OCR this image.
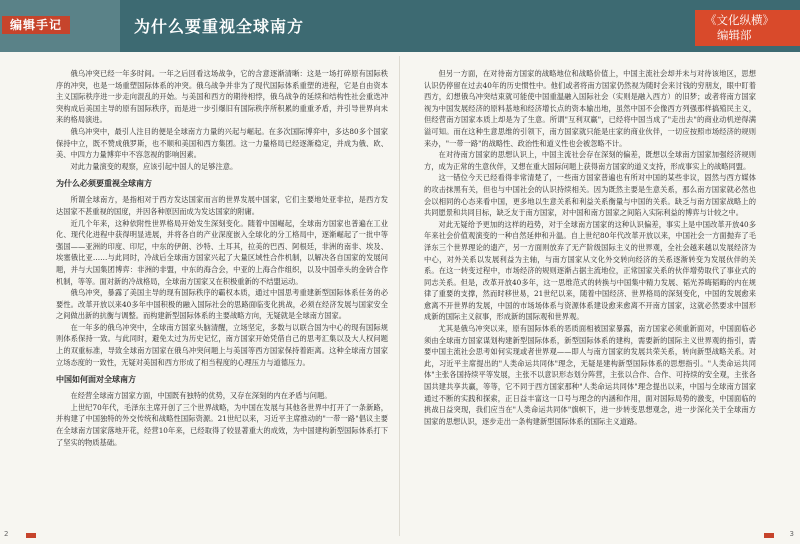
编辑手记	为什么要重视全球南方	《文化纵横》
编辑部

俄乌冲突已经一年多时间。一年之后回看这场战争，它的含意逐渐清晰：这是一场打碎原有国际秩序的冲突，也是一场重塑国际体系的冲突。俄乌战争并非为了现代国际体系重塑的进程，它是自由资本主义国际秩序进一步走向混乱的开始。与美国和西方的期待相悖，俄乌战争的延续和结构性社会重迭冲突构成后美国主导的原有国际秩序，而是进一步引爆旧有国际秩序所积累的重重矛盾，并引导世界向未来的格局演进。

俄乌冲突中，最引人注目的便是全球南方力量的兴起与崛起。在多次国际博弈中，多达80多个国家保持中立，既不赞成俄罗斯，也不顺和美国和西方集团。这一力量格局已经逐渐稳定，并成为俄、欧、美、中四方力量博弈中不容忽视的影响因素。

对此力量演变的观察，应该引起中国人的足够注意。

为什么必须要重视全球南方

所谓全球南方，是指相对于西方发达国家而言的世界发展中国家，它们主要地处亚非拉，是西方发达国家不甚重视的国度，并因各种原因而成为发达国家的附庸。

近几个年来，这种依附性世界格局开始发生深刻变化。随着中国崛起，全球南方国家也普遍在工业化、现代化进程中获得明显进展，并将各自的产业深度嵌入全球化的分工格局中，逐渐崛起了一批中等强国——亚洲的印度、印尼，中东的伊朗、沙特、土耳其，拉美的巴西、阿根廷，非洲的南非、埃及、埃塞俄比亚……与此同时，冷战后全球南方国家兴起了大量区域性合作机制，以解决各自国家的发展问题，并与大国集团博弈：非洲的非盟，中东的海合会，中亚的上海合作组织，以及中国牵头的金砖合作机制，等等。面对新的冷战格局，全球南方国家又在积极重新的不结盟运动。

俄乌冲突，暴露了美国主导的现有国际秩序的霸权本质，通过中国思考重建新型国际体系任务的必要性。改革开放以来40多年中国积极的融入国际社会的思路面临变化挑战，必须在经济发展与国家安全之间做出新的抗衡与调整。而构建新型国际体系的主要战略方向，无疑就是全球南方国家。

在一年多的俄乌冲突中，全球南方国家头脑清醒，立场坚定，多数与以联合国为中心的现有国际规则体系保持一致。与此同时，避免太过为历史记忆，南方国家开始凭借自己的思考汇集以及大人权问题上的双重标准，导致全球南方国家在俄乌冲突问题上与美国等西方国家保持着距离。这种全球南方国家立场态度的一致性，无疑对美国和西方形成了相当程度的心理压力与道德压力。

中国如何面对全球南方

在经营全球南方国家方面，中国既有独特的优势，又存在深刻的内在矛盾与问题。

上世纪70年代，毛泽东主席开创了三个世界战略，为中国在发展与其他各世界中打开了一条新路，并构建了中国独特的外交传统和战略性国际资源。21世纪以来，习近平主席推动的"一带一路"倡议主要在全球南方国家落地开花，经营10年来，已经取得了较显著重大的成效，为中国建构新型国际体系打下了坚实的物质基础。

但另一方面，在对待南方国家的战略地位和战略价值上，中国主流社会却并未与对待该地区，思想认识仍停留在过去40年的历史惯性中。他们或者将南方国家仍然视为随时会来讨钱的穷朋友，眼中盯着西方，幻想俄乌冲突结束就可能使中国重温融入国际社会（实则是融入西方）的旧梦；或者将南方国家视为中国发展经济的原料基地和经济增长点的资本输出地，虽然中国不会像西方列强那样搞殖民主义，但经营南方国家本质上却是为了生意。所谓"互利双赢"，已经将中国当成了"走出去"的商业动机逆得满溢可知。而在这种生意思维的引领下，南方国家就只能是庄家的商业伙伴，一切应按照市场经济的规则来办，"一带一路"的战略性、政治性和道义性也会被忽略不计。

在对待南方国家的思想认识上，中国主流社会存在深刻的偏差，既想以全球南方国家加强经济规则方，成为正常的生意伙伴，又想在重大国际问题上获得南方国家的道义支持，形成事实上的战略同盟。

这一错位今天已经看得非常清楚了，一些南方国家普遍也有所对中国的某些非议，固然与西方媒体的攻击抹黑有关，但也与中国社会的认识持续相关。因为既然主要是生意关系，那么南方国家就必然也会以相同的心态来看中国，更多地以生意关系和利益关系衡量与中国的关系。缺乏与南方国家战略上的共同愿景和共同目标，缺乏友于南方国家，对中国和南方国家之间陷入实际利益的博弈与计较之中。

对此无疑给予更加的这样的趋势，对于全球南方国家的这种认识偏差，事实上是中国改革开放40多年来社会价值观演变的一种自然延伸和升温。自上世纪80年代改革开放以来，中国社会一方面抛弃了毛泽东三个世界理论的遗产，另一方面则放弃了无产阶级国际主义的世界观，全社会越来越以发展经济为中心，对外关系以发展利益为主轴，与南方国家从文化外交转向经济的关系逐渐转变为发展伙伴的关系。在这一转变过程中，市场经济的规则逐渐占据主流地位，正常国家关系的伙伴增势取代了事业式的同志关系。但是，改革开放40多年，这一思维范式的转换与中国集中精力发展、韬光养晦韬晦的内在规律了重要的支撑，然而时移世易，21世纪以来，随着中国经济、世界格局的深刻变化，中国的发展愈来愈离不开世界的发展，中国的市场场体系与资源体系建设愈来愈离不开南方国家，这就必然要求中国形成新的国际主义叙事，形成新的国际观和世界观。

尤其是俄乌冲突以来，原有国际体系的恶质面相被国家暴露，南方国家必须重新面对，中国面临必须由全球南方国家谋划构建新型国际体系，新型国际体系的建构，需要新的国际主义世界观的指引，需要中国主流社会思考如何实现或者世界观——即人与南方国家的发展共荣关系，转向新型战略关系。对此，习近平主席提出的"人类命运共同体"理念，无疑是建构新型国际体系的思想指引。"人类命运共同体"主张各国持续平等发展，主张不以意识形态划分阵营，主张以合作、合作、可持续的安全观，主张各国共建共享共赢，等等，它不同于西方国家那种"人类命运共同体"理念提出以来，中国与全球南方国家通过不断的实践和探索，正日益丰富这一口号与理念的内涵和作用，面对国际局势的激变，中国面临的挑战日益突现，我们应当在"人类命运共同体"旗帜下，进一步转变思想观念，进一步深化关于全球南方国家的思想认识，逐步走出一条构建新型国际体系的国际主义道路。

2	3
